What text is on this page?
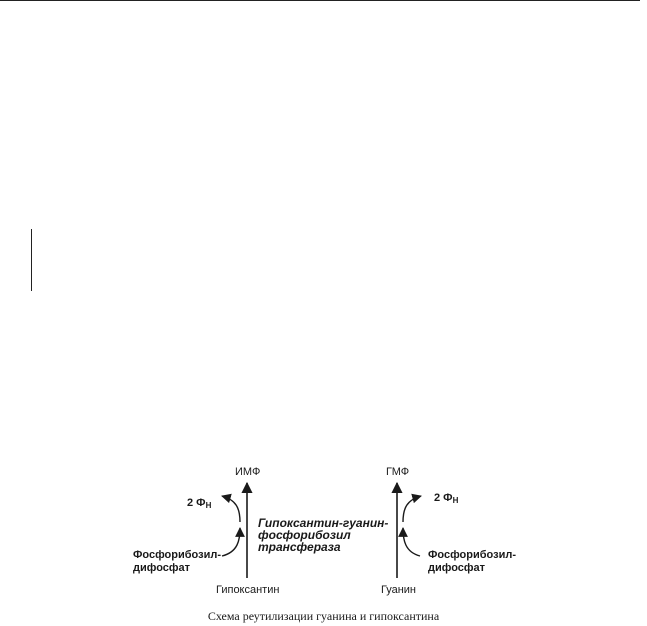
ИМФ
2 $Ф_Н$
Фосфорибозил-
дифосфат
Гипоксантин
Гипоксантин-гуанин-
фосфорибозил
трансфераза
ГМФ
2 $Ф_Н$
Фосфорибозил-
дифосфат
Гуанин
Схема реутилизации гуанина и гипоксантина
